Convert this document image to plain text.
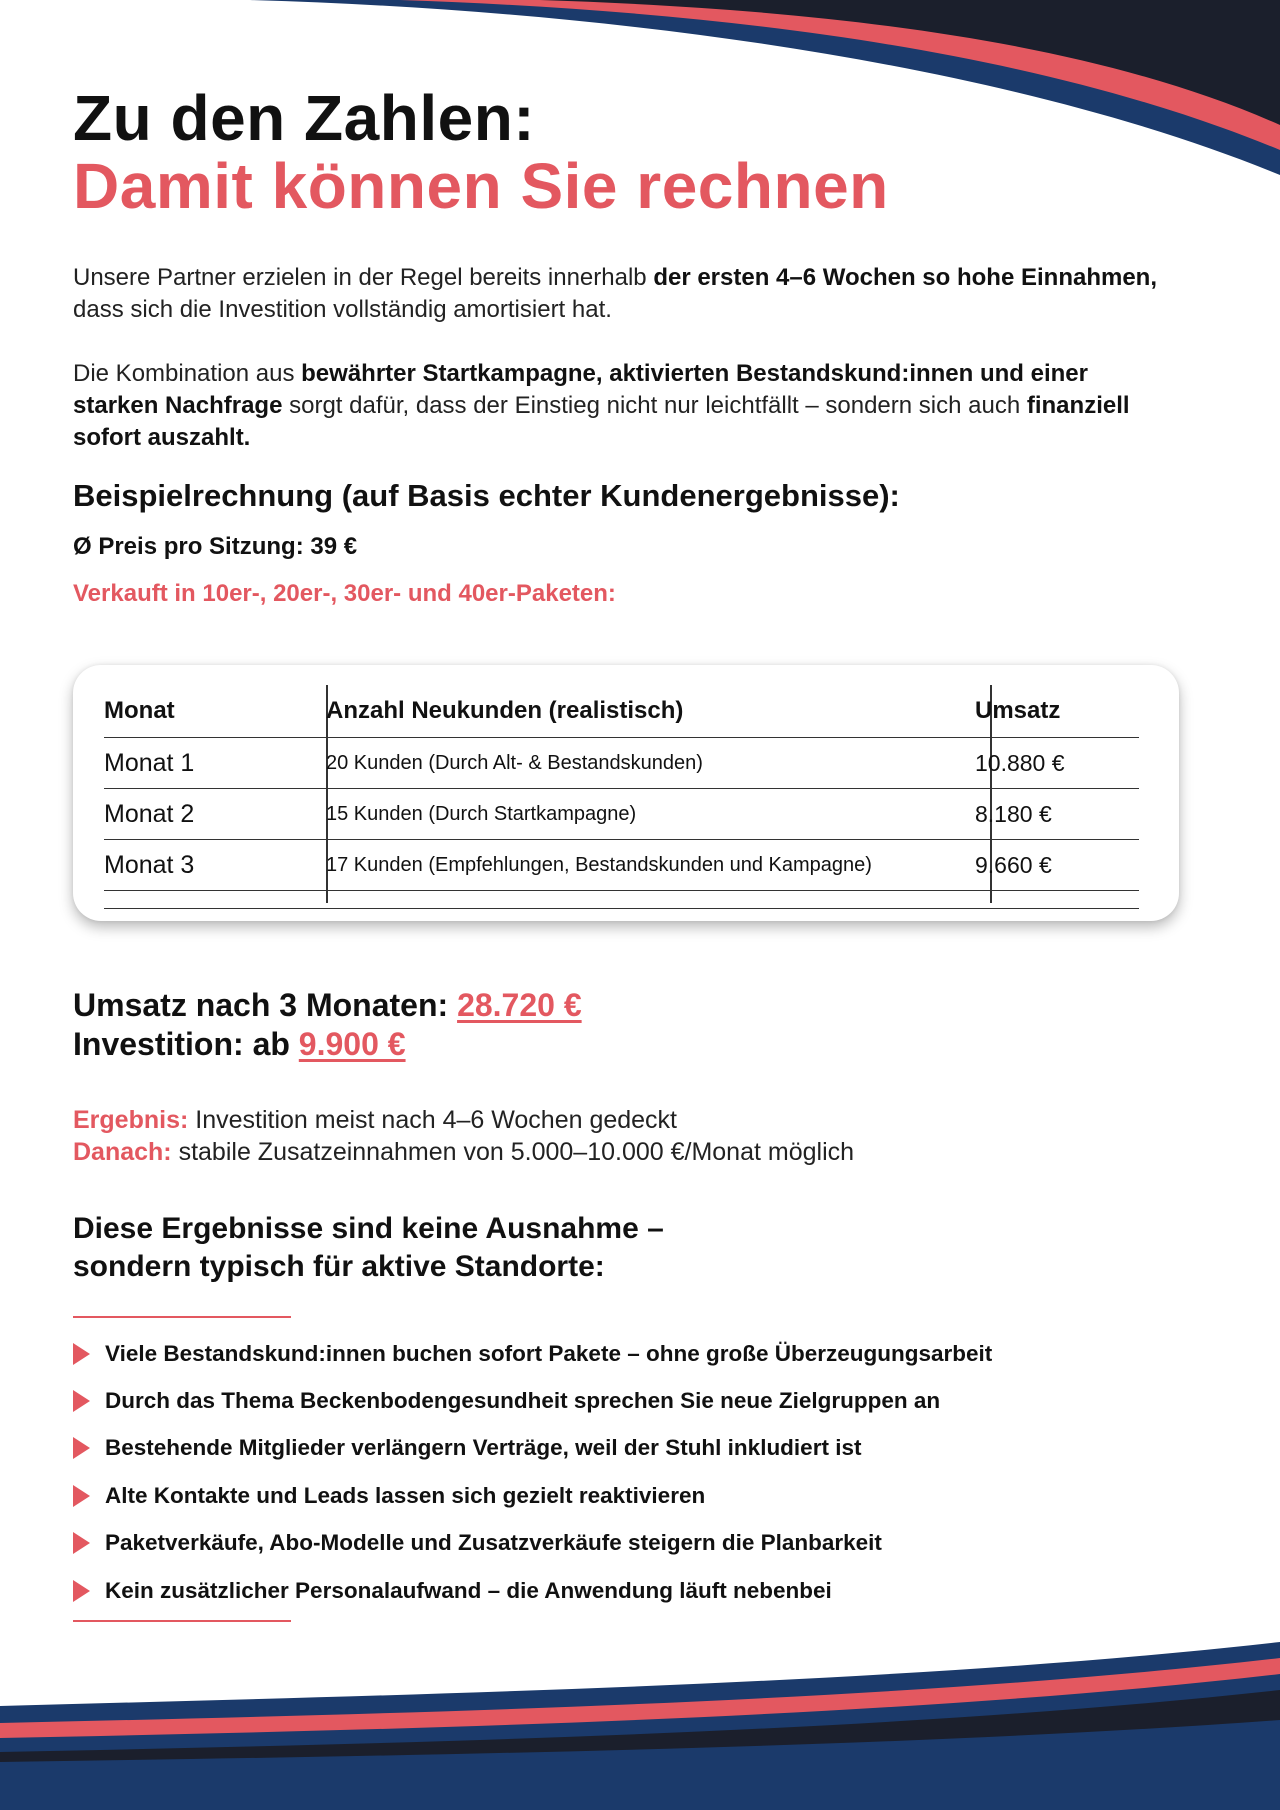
Zu den Zahlen:
Damit können Sie rechnen

Unsere Partner erzielen in der Regel bereits innerhalb der ersten 4–6 Wochen so hohe Einnahmen, dass sich die Investition vollständig amortisiert hat.

Die Kombination aus bewährter Startkampagne, aktivierten Bestandskund:innen und einer starken Nachfrage sorgt dafür, dass der Einstieg nicht nur leichtfällt – sondern sich auch finanziell sofort auszahlt.

Beispielrechnung (auf Basis echter Kundenergebnisse):
Ø Preis pro Sitzung: 39 €
Verkauft in 10er-, 20er-, 30er- und 40er-Paketen:
Monat	Anzahl Neukunden (realistisch)	Umsatz
Monat 1	20 Kunden (Durch Alt- & Bestandskunden)	10.880 €
Monat 2	15 Kunden (Durch Startkampagne)	8.180 €
Monat 3	17 Kunden (Empfehlungen, Bestandskunden und Kampagne)	9.660 €
Umsatz nach 3 Monaten: 28.720 €
Investition: ab 9.900 €
Ergebnis: Investition meist nach 4–6 Wochen gedeckt
Danach: stabile Zusatzeinnahmen von 5.000–10.000 €/Monat möglich
Diese Ergebnisse sind keine Ausnahme –
sondern typisch für aktive Standorte:
Viele Bestandskund:innen buchen sofort Pakete – ohne große Überzeugungsarbeit
Durch das Thema Beckenbodengesundheit sprechen Sie neue Zielgruppen an
Bestehende Mitglieder verlängern Verträge, weil der Stuhl inkludiert ist
Alte Kontakte und Leads lassen sich gezielt reaktivieren
Paketverkäufe, Abo-Modelle und Zusatzverkäufe steigern die Planbarkeit
Kein zusätzlicher Personalaufwand – die Anwendung läuft nebenbei
